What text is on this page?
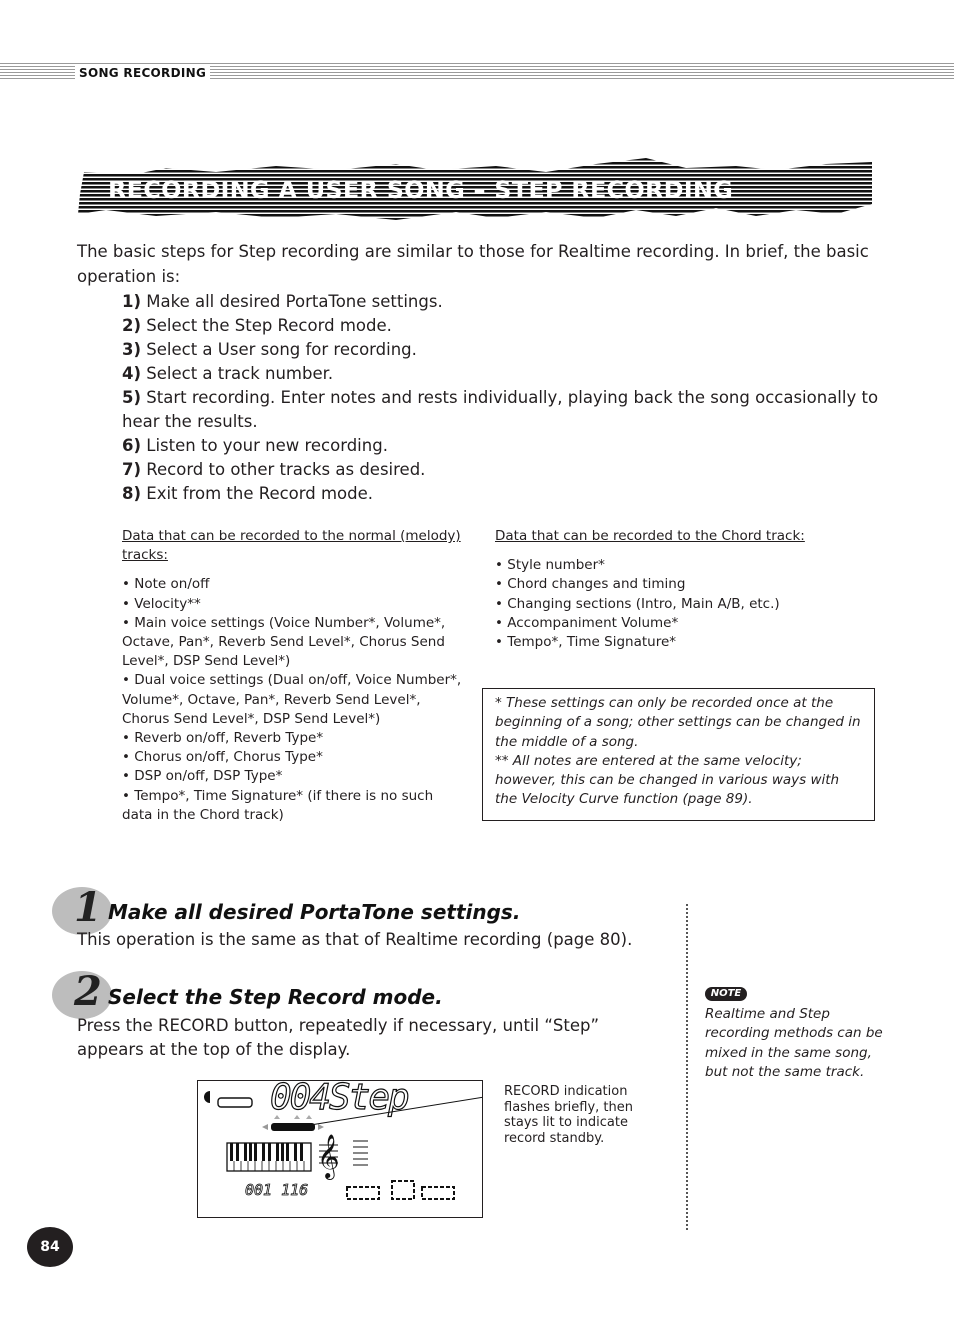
SONG RECORDING
RECORDING A USER SONG – STEP RECORDING
The basic steps for Step recording are similar to those for Realtime recording. In brief, the basic operation is:
1) Make all desired PortaTone settings.
2) Select the Step Record mode.
3) Select a User song for recording.
4) Select a track number.
5) Start recording. Enter notes and rests individually, playing back the song occasionally to hear the results.
6) Listen to your new recording.
7) Record to other tracks as desired.
8) Exit from the Record mode.
Data that can be recorded to the normal (melody) tracks:
• Note on/off
• Velocity**
• Main voice settings (Voice Number*, Volume*, Octave, Pan*, Reverb Send Level*, Chorus Send Level*, DSP Send Level*)
• Dual voice settings (Dual on/off, Voice Number*, Volume*, Octave, Pan*, Reverb Send Level*, Chorus Send Level*, DSP Send Level*)
• Reverb on/off, Reverb Type*
• Chorus on/off, Chorus Type*
• DSP on/off, DSP Type*
• Tempo*, Time Signature* (if there is no such data in the Chord track)
Data that can be recorded to the Chord track:
• Style number*
• Chord changes and timing
• Changing sections (Intro, Main A/B, etc.)
• Accompaniment Volume*
• Tempo*, Time Signature*
* These settings can only be recorded once at the beginning of a song; other settings can be changed in the middle of a song.
** All notes are entered at the same velocity; however, this can be changed in various ways with the Velocity Curve function (page 89).
1 Make all desired PortaTone settings.
This operation is the same as that of Realtime recording (page 80).
2 Select the Step Record mode.
Press the RECORD button, repeatedly if necessary, until “Step” appears at the top of the display.
NOTE
Realtime and Step recording methods can be mixed in the same song, but not the same track.
𝄞
004Step
001 116
RECORD indication flashes briefly, then stays lit to indicate record standby.
84
